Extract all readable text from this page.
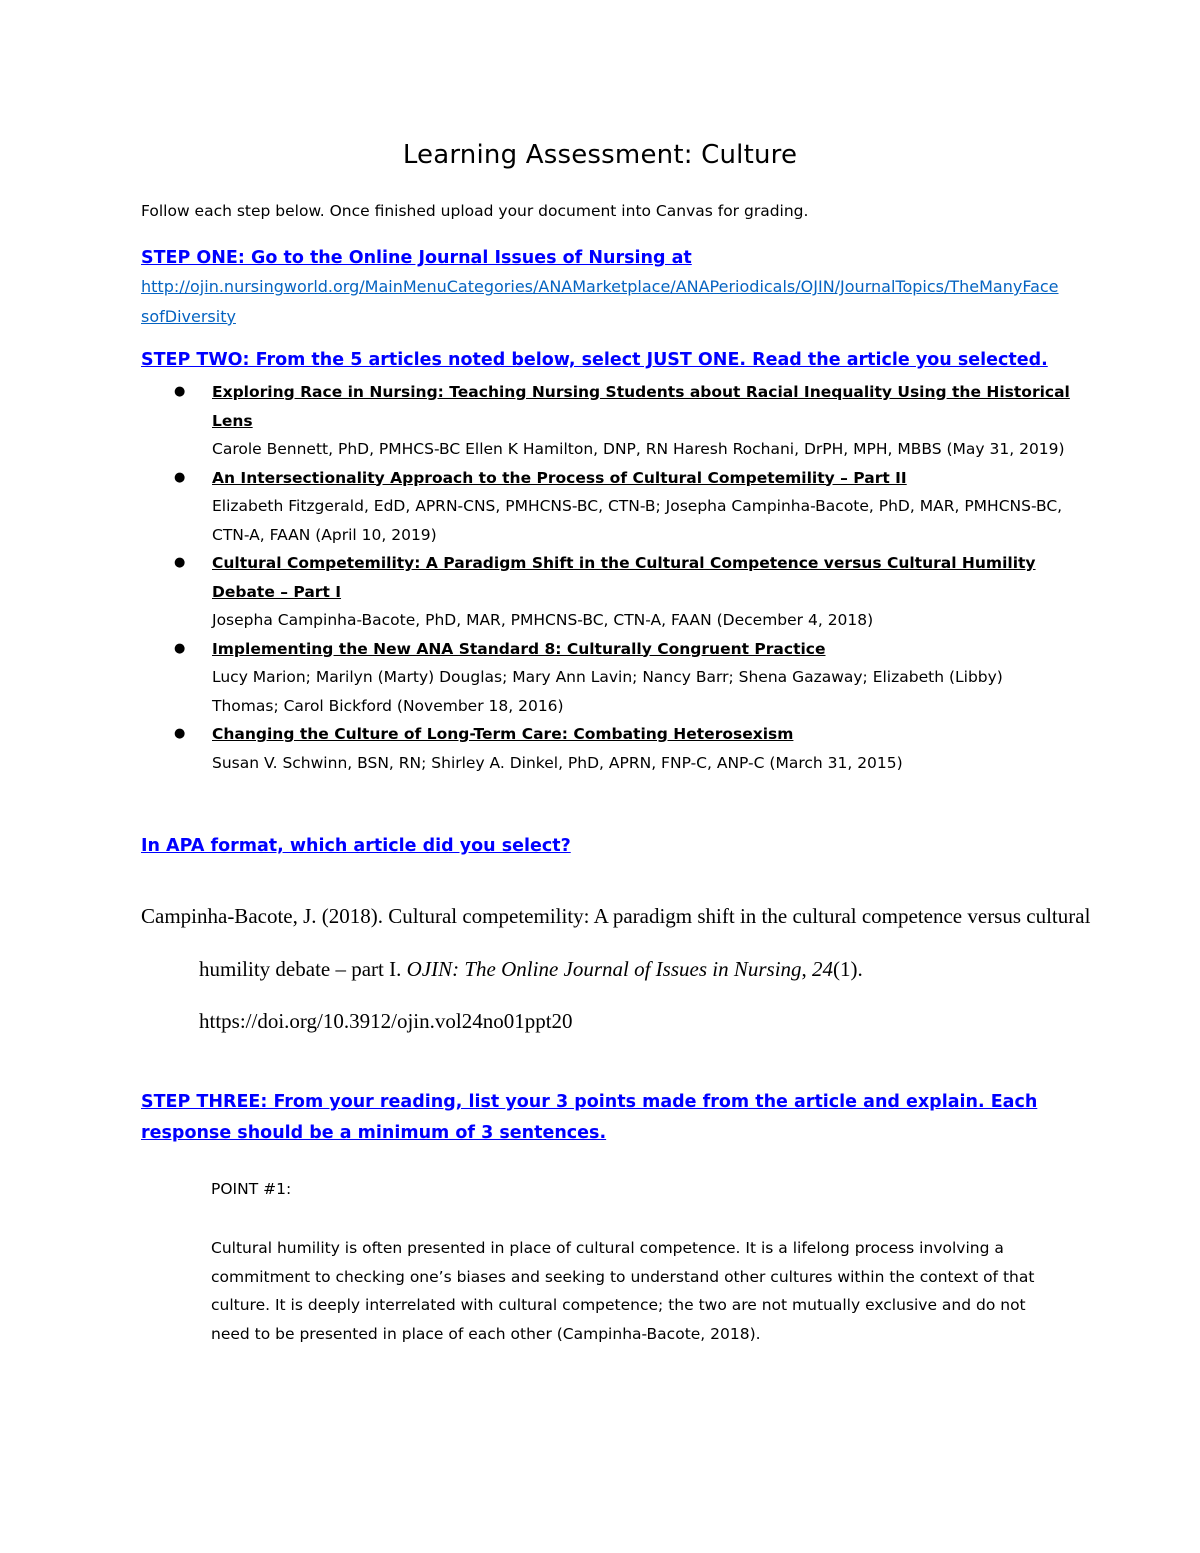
Learning Assessment: Culture

Follow each step below. Once finished upload your document into Canvas for grading.

STEP ONE: Go to the Online Journal Issues of Nursing at

http://ojin.nursingworld.org/MainMenuCategories/ANAMarketplace/ANAPeriodicals/OJIN/JournalTopics/TheManyFacesofDiversity

STEP TWO: From the 5 articles noted below, select JUST ONE. Read the article you selected.

● Exploring Race in Nursing: Teaching Nursing Students about Racial Inequality Using the Historical Lens
Carole Bennett, PhD, PMHCS-BC Ellen K Hamilton, DNP, RN Haresh Rochani, DrPH, MPH, MBBS (May 31, 2019)
● An Intersectionality Approach to the Process of Cultural Competemility – Part II
Elizabeth Fitzgerald, EdD, APRN-CNS, PMHCNS-BC, CTN-B; Josepha Campinha-Bacote, PhD, MAR, PMHCNS-BC, CTN-A, FAAN (April 10, 2019)
● Cultural Competemility: A Paradigm Shift in the Cultural Competence versus Cultural Humility Debate – Part I
Josepha Campinha-Bacote, PhD, MAR, PMHCNS-BC, CTN-A, FAAN (December 4, 2018)
● Implementing the New ANA Standard 8: Culturally Congruent Practice
Lucy Marion; Marilyn (Marty) Douglas; Mary Ann Lavin; Nancy Barr; Shena Gazaway; Elizabeth (Libby) Thomas; Carol Bickford (November 18, 2016)
● Changing the Culture of Long-Term Care: Combating Heterosexism
Susan V. Schwinn, BSN, RN; Shirley A. Dinkel, PhD, APRN, FNP-C, ANP-C (March 31, 2015)

In APA format, which article did you select?

Campinha-Bacote, J. (2018). Cultural competemility: A paradigm shift in the cultural competence versus cultural humility debate – part I. OJIN: The Online Journal of Issues in Nursing, 24(1). https://doi.org/10.3912/ojin.vol24no01ppt20

STEP THREE: From your reading, list your 3 points made from the article and explain. Each response should be a minimum of 3 sentences.

POINT #1:

Cultural humility is often presented in place of cultural competence. It is a lifelong process involving a commitment to checking one’s biases and seeking to understand other cultures within the context of that culture. It is deeply interrelated with cultural competence; the two are not mutually exclusive and do not need to be presented in place of each other (Campinha-Bacote, 2018).
